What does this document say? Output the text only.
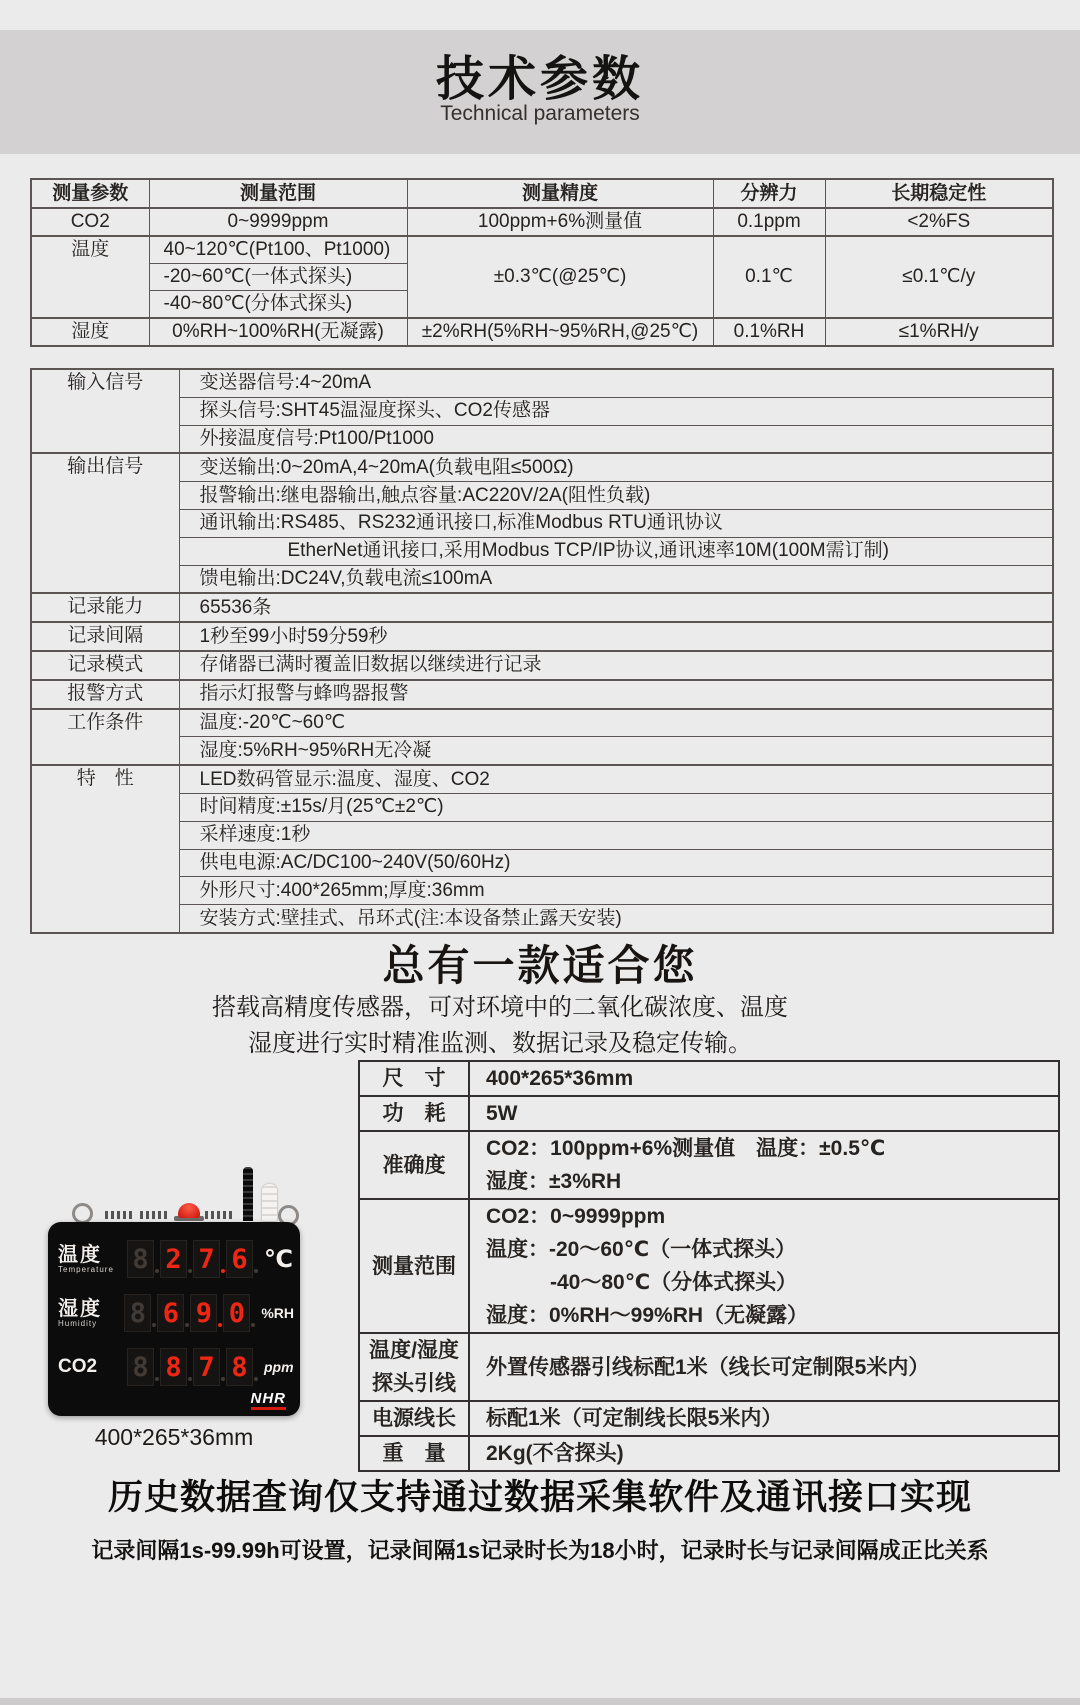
技术参数
Technical parameters
测量参数	测量范围	测量精度	分辨力	长期稳定性
CO2	0~9999ppm	100ppm+6%测量值	0.1ppm	<2%FS
温度	40~120℃(Pt100、Pt1000)	±0.3℃(@25℃)	0.1℃	≤0.1℃/y
	-20~60℃(一体式探头)			
	-40~80℃(分体式探头)			
湿度	0%RH~100%RH(无凝露)	±2%RH(5%RH~95%RH,@25℃)	0.1%RH	≤1%RH/y
输入信号	变送器信号:4~20mA
	探头信号:SHT45温湿度探头、CO2传感器
	外接温度信号:Pt100/Pt1000
输出信号	变送输出:0~20mA,4~20mA(负载电阻≤500Ω)
	报警输出:继电器输出,触点容量:AC220V/2A(阻性负载)
	通讯输出:RS485、RS232通讯接口,标准Modbus RTU通讯协议
	EtherNet通讯接口,采用Modbus TCP/IP协议,通讯速率10M(100M需订制)
	馈电输出:DC24V,负载电流≤100mA
记录能力	65536条
记录间隔	1秒至99小时59分59秒
记录模式	存储器已满时覆盖旧数据以继续进行记录
报警方式	指示灯报警与蜂鸣器报警
工作条件	温度:-20℃~60℃
	湿度:5%RH~95%RH无冷凝
特　性	LED数码管显示:温度、湿度、CO2
	时间精度:±15s/月(25℃±2℃)
	采样速度:1秒
	供电电源:AC/DC100~240V(50/60Hz)
	外形尺寸:400*265mm;厚度:36mm
	安装方式:壁挂式、吊环式(注:本设备禁止露天安装)
总有一款适合您
搭载高精度传感器，可对环境中的二氧化碳浓度、温度
湿度进行实时精准监测、数据记录及稳定传输。
温度
Temperature 8 2 7 6 ℃
湿度
Humidity	8 6 9 0	%RH
CO2	8 8 7 8	ppm
NHR
400*265*36mm
尺　寸	400*265*36mm

功　耗	5W

准确度	CO2：100ppm+6%测量值　温度：±0.5℃
湿度：±3%RH

测量范围	CO2：0~9999ppm
温度：-20～60℃（一体式探头）
-40～80℃（分体式探头）
湿度：0%RH～99%RH（无凝露）

温度/湿度
探头引线	外置传感器引线标配1米（线长可定制限5米内）

电源线长	标配1米（可定制线长限5米内）

重　量	2Kg(不含探头)
历史数据查询仅支持通过数据采集软件及通讯接口实现
记录间隔1s-99.99h可设置，记录间隔1s记录时长为18小时，记录时长与记录间隔成正比关系
